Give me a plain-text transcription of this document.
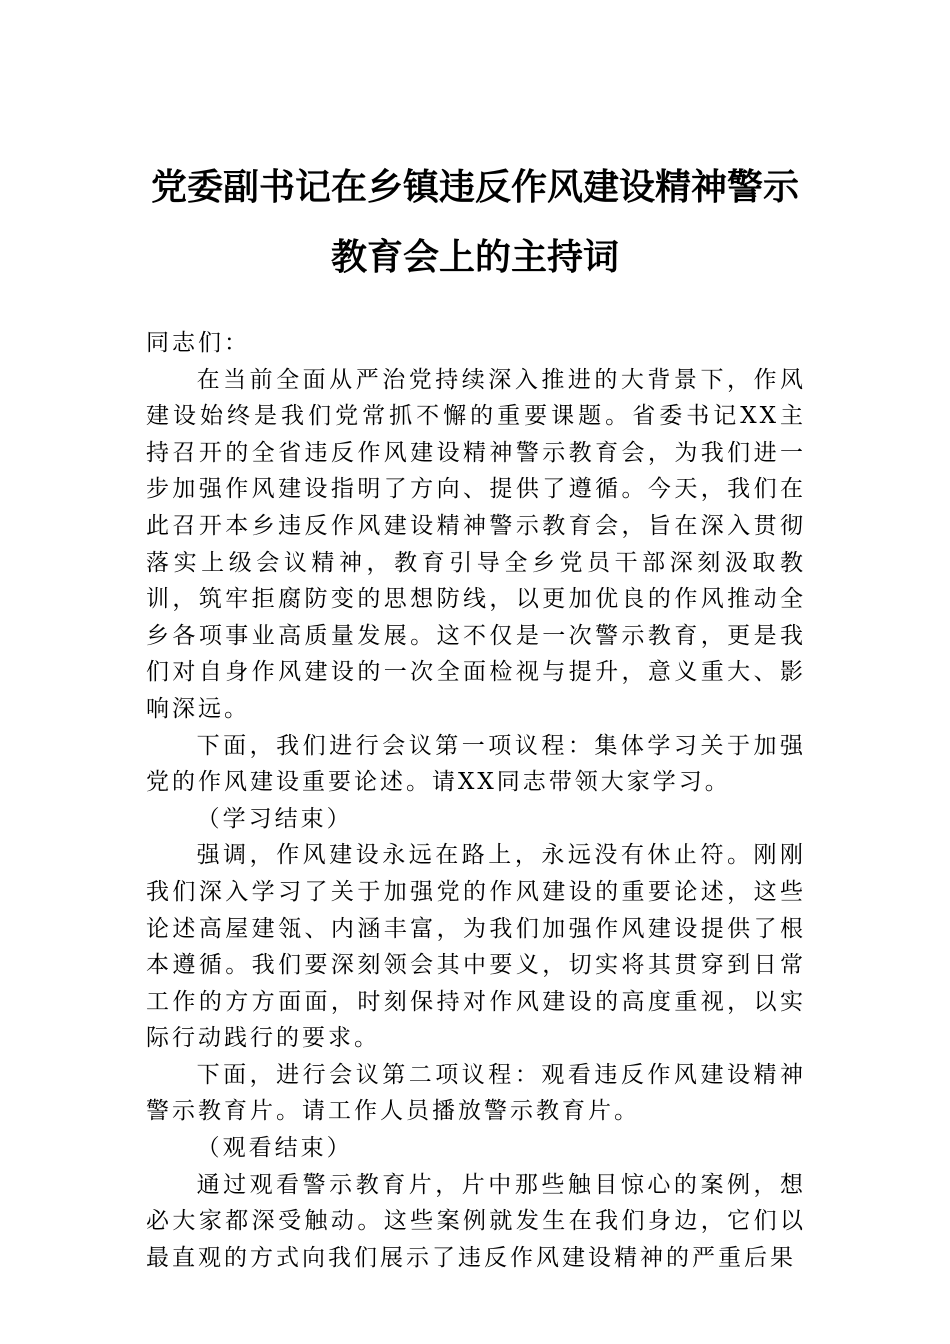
党委副书记在乡镇违反作风建设精神警示
教育会上的主持词

同志们：

在当前全面从严治党持续深入推进的大背景下，作风建设始终是我们党常抓不懈的重要课题。省委书记XX主持召开的全省违反作风建设精神警示教育会，为我们进一步加强作风建设指明了方向、提供了遵循。今天，我们在此召开本乡违反作风建设精神警示教育会，旨在深入贯彻落实上级会议精神，教育引导全乡党员干部深刻汲取教训，筑牢拒腐防变的思想防线，以更加优良的作风推动全乡各项事业高质量发展。这不仅是一次警示教育，更是我们对自身作风建设的一次全面检视与提升，意义重大、影响深远。

下面，我们进行会议第一项议程：集体学习关于加强党的作风建设重要论述。请XX同志带领大家学习。

（学习结束）

强调，作风建设永远在路上，永远没有休止符。刚刚我们深入学习了关于加强党的作风建设的重要论述，这些论述高屋建瓴、内涵丰富，为我们加强作风建设提供了根本遵循。我们要深刻领会其中要义，切实将其贯穿到日常工作的方方面面，时刻保持对作风建设的高度重视，以实际行动践行的要求。

下面，进行会议第二项议程：观看违反作风建设精神警示教育片。请工作人员播放警示教育片。

（观看结束）

通过观看警示教育片，片中那些触目惊心的案例，想必大家都深受触动。这些案例就发生在我们身边，它们以最直观的方式向我们展示了违反作风建设精神的严重后果
